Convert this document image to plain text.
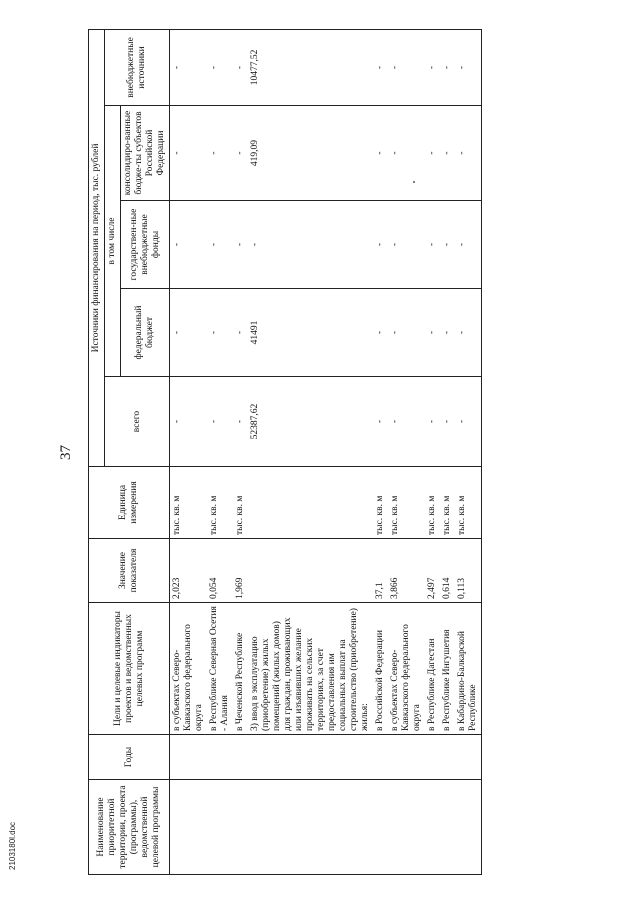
37
Наименование приоритетной территории, проекта (программы), ведомственной целевой программы	Годы	Цели и целевые индикаторы проектов и ведомственных целевых программ	Значение показателя	Единица измерения	Источники финансирования на период, тыс. рублей				
					всего	в том числе			внебюджетные источники
						федеральный бюджет	государствен-ные внебюджетные фонды	консолидиро-ванные бюдже-ты субъектов Российской Федерации	
		в субъектах Северо-Кавказского федерального округа	2,023	тыс. кв. м	-	-	-	-	-
		в Республике Северная Осетия - Алания	0,054	тыс. кв. м	-	-	-	-	-
		в Чеченской Республике	1,969	тыс. кв. м	-	-	-	-	-
		3) ввод в эксплуатацию (приобретение) жилых помещений (жилых домов) для граждан, проживающих или изъявивших желание проживать на сельских территориях, за счет предоставления им социальных выплат на строительство (приобретение) жилья:			52387,62	41491	-	419,09	10477,52
		в Российской Федерации	37,1	тыс. кв. м	-	-	-	-	-
		в субъектах Северо-Кавказского федерального округа	3,866	тыс. кв. м	-	-	-	-	-
		в Республике Дагестан	2,497	тыс. кв. м	-	-	-	-	-
		в Республике Ингушетия	0,614	тыс. кв. м	-	-	-	-	-
		в Кабардино-Балкарской Республике	0,113	тыс. кв. м	-	-	-	-	-
2103180l.doc
